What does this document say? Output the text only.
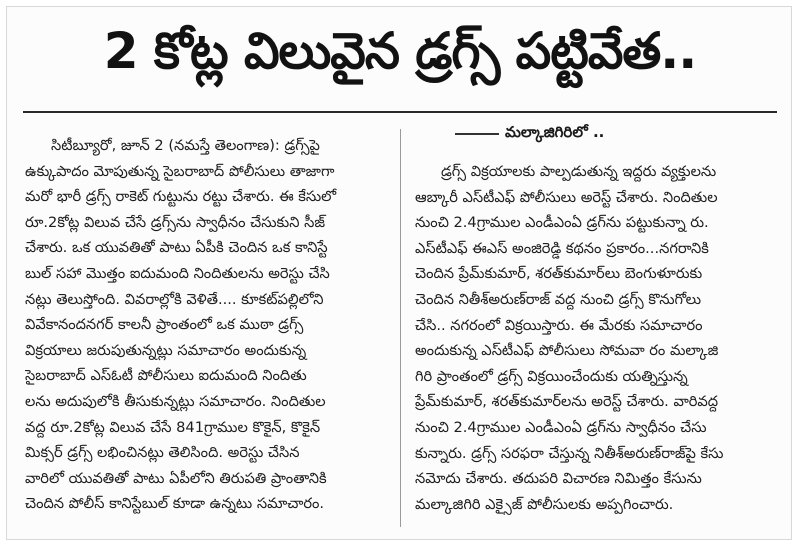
2 కోట్ల విలువైన డ్రగ్స్ పట్టివేత..
సిటీబ్యూరో, జూన్ 2 (నమస్తే తెలంగాణ): డ్రగ్స్‌పై
ఉక్కుపాదం మోపుతున్న సైబరాబాద్ పోలీసులు తాజాగా
మరో భారీ డ్రగ్స్ రాకెట్ గుట్టును రట్టు చేశారు. ఈ కేసులో
రూ.2కోట్ల విలువ చేసే డ్రగ్స్‌ను స్వాధీనం చేసుకుని సీజ్
చేశారు. ఒక యువతితో పాటు ఏపీకి చెందిన ఒక కానిస్టే
బుల్ సహా మొత్తం ఐదుమంది నిందితులను అరెస్టు చేసి
నట్లు తెలుస్తోంది. వివరాల్లోకి వెళితే.... కూకట్‌పల్లిలోని
వివేకానందనగర్ కాలనీ ప్రాంతంలో ఒక ముఠా డ్రగ్స్
విక్రయాలు జరుపుతున్నట్లు సమాచారం అందుకున్న
సైబరాబాద్ ఎస్‌ఓటీ పోలీసులు ఐదుమంది నిందితు
లను అదుపులోకి తీసుకున్నట్లు సమాచారం. నిందితుల
వద్ద రూ.2కోట్ల విలువ చేసే 841గ్రాముల కొకైన్, కొకైన్
మిక్సర్ డ్రగ్స్ లభించినట్లు తెలిసింది. అరెస్టు చేసిన
వారిలో యువతితో పాటు ఏపీలోని తిరుపతి ప్రాంతానికి
చెందిన పోలీస్ కానిస్టేబుల్ కూడా ఉన్నటు సమాచారం.
మల్కాజిగిరిలో ..
డ్రగ్స్ విక్రయాలకు పాల్పడుతున్న ఇద్దరు వ్యక్తులను
ఆబ్కారీ ఎస్‌టీఎఫ్ పోలీసులు అరెస్ట్ చేశారు. నిందితుల
నుంచి 2.4గ్రాముల ఎండీఎంఏ డ్రగ్‌ను పట్టుకున్నా రు.
ఎస్‌టీఎఫ్ ఈఎస్ అంజిరెడ్డి కథనం ప్రకారం...నగరానికి
చెందిన ప్రేమ్‌కుమార్, శరత్‌కుమార్‌లు బెంగుళూరుకు
చెందిన నితీశ్‌అరుణ్‌రాజ్ వద్ద నుంచి డ్రగ్స్ కొనుగోలు
చేసి.. నగరంలో విక్రయిస్తారు. ఈ మేరకు సమాచారం
అందుకున్న ఎస్‌టీఎఫ్ పోలీసులు సోమవా రం మల్కాజి
గిరి ప్రాంతంలో డ్రగ్స్ విక్రయించేందుకు యత్నిస్తున్న
ప్రేమ్‌కుమార్, శరత్‌కుమార్‌లను అరెస్ట్ చేశారు. వారివద్ద
నుంచి 2.4గ్రాముల ఎండీఎంఏ డ్రగ్‌ను స్వాధీనం చేసు
కున్నారు. డ్రగ్స్ సరఫరా చేస్తున్న నితీశ్‌అరుణ్‌రాజ్‌పై కేసు
నమోదు చేశారు. తదుపరి విచారణ నిమిత్తం కేసును
మల్కాజిగిరి ఎక్సైజ్ పోలీసులకు అప్పగించారు.
